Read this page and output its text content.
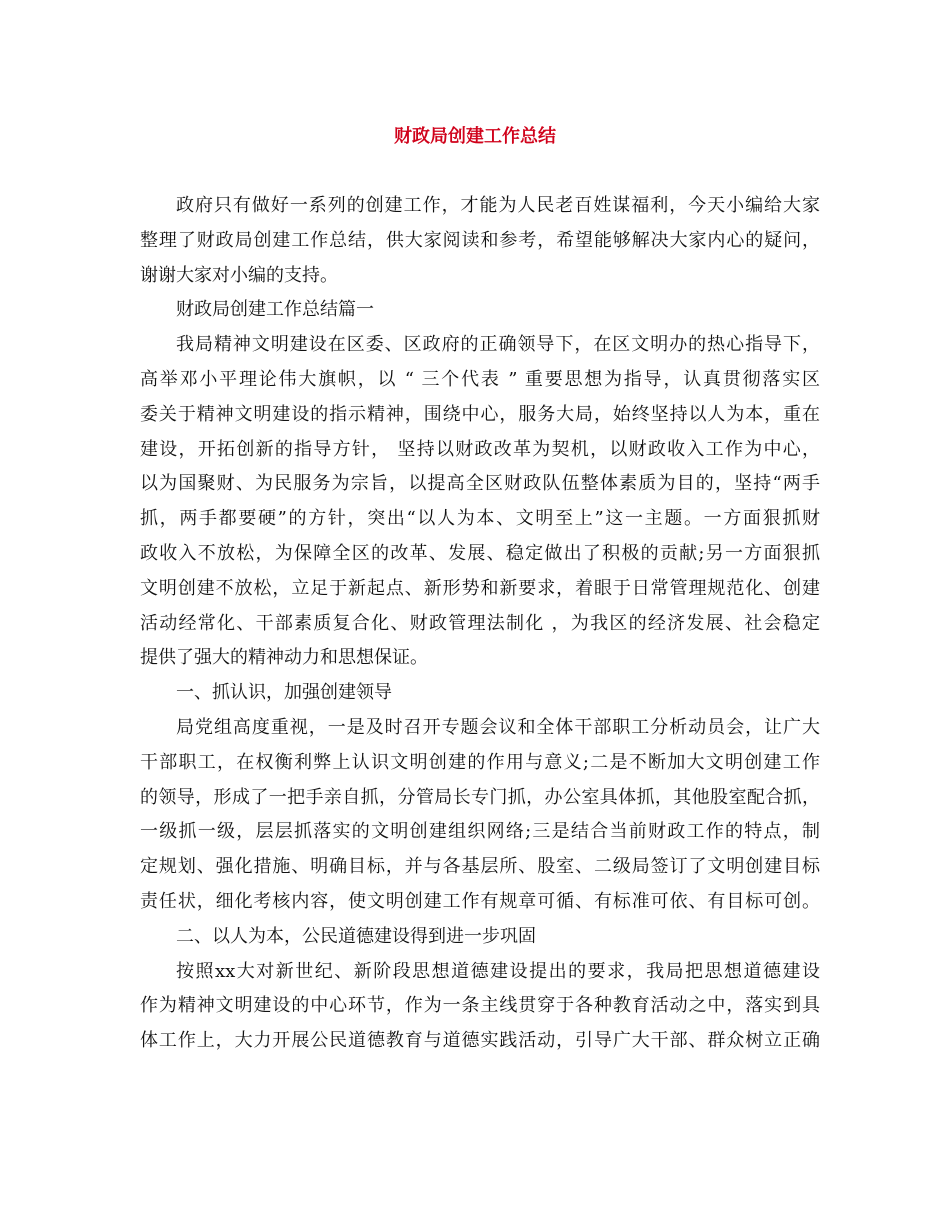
财政局创建工作总结
政府只有做好一系列的创建工作，才能为人民老百姓谋福利，今天小编给大家
整理了财政局创建工作总结，供大家阅读和参考，希望能够解决大家内心的疑问，
谢谢大家对小编的支持。
财政局创建工作总结篇一
我局精神文明建设在区委、区政府的正确领导下，在区文明办的热心指导下，
高举邓小平理论伟大旗帜，以 “ 三个代表 ” 重要思想为指导，认真贯彻落实区
委关于精神文明建设的指示精神，围绕中心，服务大局，始终坚持以人为本，重在
建设，开拓创新的指导方针， 坚持以财政改革为契机，以财政收入工作为中心，
以为国聚财、为民服务为宗旨，以提高全区财政队伍整体素质为目的，坚持“两手
抓，两手都要硬”的方针，突出“以人为本、文明至上”这一主题。一方面狠抓财
政收入不放松，为保障全区的改革、发展、稳定做出了积极的贡献;另一方面狠抓
文明创建不放松，立足于新起点、新形势和新要求，着眼于日常管理规范化、创建
活动经常化、干部素质复合化、财政管理法制化 ，为我区的经济发展、社会稳定
提供了强大的精神动力和思想保证。
一、抓认识，加强创建领导
局党组高度重视，一是及时召开专题会议和全体干部职工分析动员会，让广大
干部职工，在权衡利弊上认识文明创建的作用与意义;二是不断加大文明创建工作
的领导，形成了一把手亲自抓，分管局长专门抓，办公室具体抓，其他股室配合抓，
一级抓一级，层层抓落实的文明创建组织网络;三是结合当前财政工作的特点，制
定规划、强化措施、明确目标，并与各基层所、股室、二级局签订了文明创建目标
责任状，细化考核内容，使文明创建工作有规章可循、有标准可依、有目标可创。
二、以人为本，公民道德建设得到进一步巩固
按照xx大对新世纪、新阶段思想道德建设提出的要求，我局把思想道德建设
作为精神文明建设的中心环节，作为一条主线贯穿于各种教育活动之中，落实到具
体工作上，大力开展公民道德教育与道德实践活动，引导广大干部、群众树立正确
